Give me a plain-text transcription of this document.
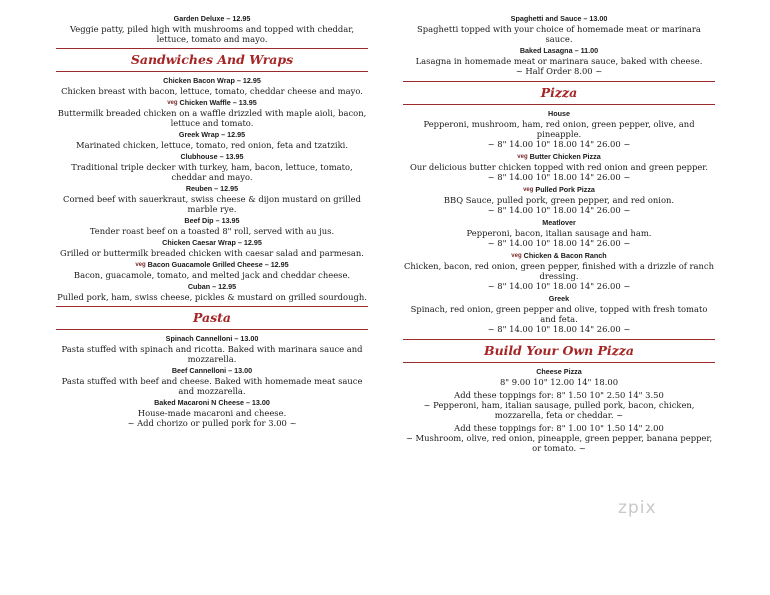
Garden Deluxe – 12.95
Veggie patty, piled high with mushrooms and topped with cheddar, lettuce, tomato and mayo.
Sandwiches And Wraps
Chicken Bacon Wrap – 12.95
Chicken breast with bacon, lettuce, tomato, cheddar cheese and mayo.
veg Chicken Waffle – 13.95
Buttermilk breaded chicken on a waffle drizzled with maple aioli, bacon, lettuce and tomato.
Greek Wrap – 12.95
Marinated chicken, lettuce, tomato, red onion, feta and tzatziki.
Clubhouse – 13.95
Traditional triple decker with turkey, ham, bacon, lettuce, tomato, cheddar and mayo.
Reuben – 12.95
Corned beef with sauerkraut, swiss cheese & dijon mustard on grilled marble rye.
Beef Dip – 13.95
Tender roast beef on a toasted 8" roll, served with au jus.
Chicken Caesar Wrap – 12.95
Grilled or buttermilk breaded chicken with caesar salad and parmesan.
veg Bacon Guacamole Grilled Cheese – 12.95
Bacon, guacamole, tomato, and melted jack and cheddar cheese.
Cuban – 12.95
Pulled pork, ham, swiss cheese, pickles & mustard on grilled sourdough.
Pasta
Spinach Cannelloni – 13.00
Pasta stuffed with spinach and ricotta. Baked with marinara sauce and mozzarella.
Beef Cannelloni – 13.00
Pasta stuffed with beef and cheese. Baked with homemade meat sauce and mozzarella.
Baked Macaroni N Cheese – 13.00
House-made macaroni and cheese.
~ Add chorizo or pulled pork for 3.00 ~
Spaghetti and Sauce – 13.00
Spaghetti topped with your choice of homemade meat or marinara sauce.
Baked Lasagna – 11.00
Lasagna in homemade meat or marinara sauce, baked with cheese.
~ Half Order 8.00 ~
Pizza
House
Pepperoni, mushroom, ham, red onion, green pepper, olive, and pineapple.
~ 8" 14.00 10" 18.00 14" 26.00 ~
veg Butter Chicken Pizza
Our delicious butter chicken topped with red onion and green pepper.
~ 8" 14.00 10" 18.00 14" 26.00 ~
veg Pulled Pork Pizza
BBQ Sauce, pulled pork, green pepper, and red onion.
~ 8" 14.00 10" 18.00 14" 26.00 ~
Meatlover
Pepperoni, bacon, italian sausage and ham.
~ 8" 14.00 10" 18.00 14" 26.00 ~
veg Chicken & Bacon Ranch
Chicken, bacon, red onion, green pepper, finished with a drizzle of ranch dressing.
~ 8" 14.00 10" 18.00 14" 26.00 ~
Greek
Spinach, red onion, green pepper and olive, topped with fresh tomato and feta.
~ 8" 14.00 10" 18.00 14" 26.00 ~
Build Your Own Pizza
Cheese Pizza
8" 9.00 10" 12.00 14" 18.00
Add these toppings for: 8" 1.50 10" 2.50 14" 3.50
~ Pepperoni, ham, italian sausage, pulled pork, bacon, chicken, mozzarella, feta or cheddar. ~
Add these toppings for: 8" 1.00 10" 1.50 14" 2.00
~ Mushroom, olive, red onion, pineapple, green pepper, banana pepper, or tomato. ~
zpix
